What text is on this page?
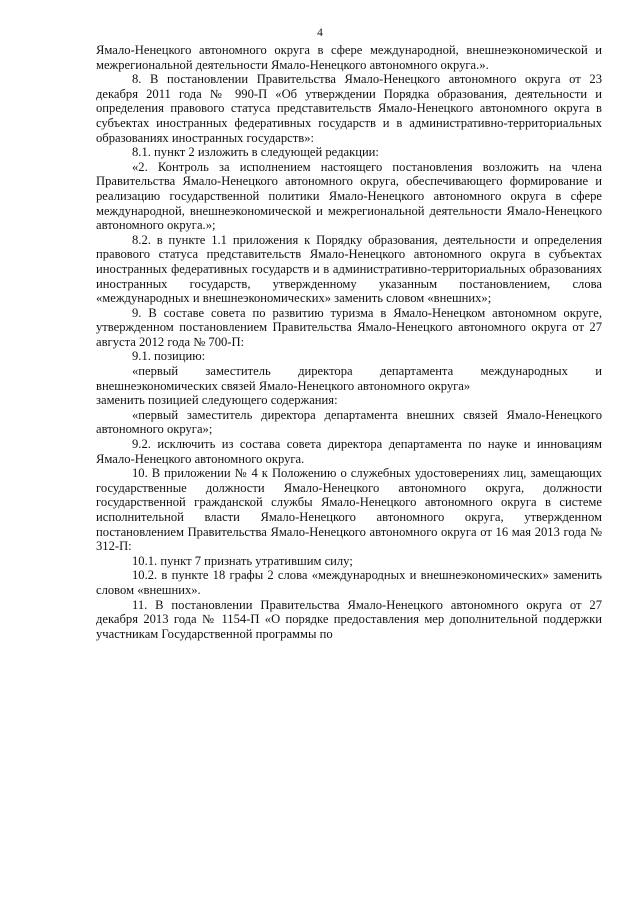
4

Ямало-Ненецкого автономного округа в сфере международной, внешнеэкономической и межрегиональной деятельности Ямало-Ненецкого автономного округа.».

8. В постановлении Правительства Ямало-Ненецкого автономного округа от 23 декабря 2011 года № 990-П «Об утверждении Порядка образования, деятельности и определения правового статуса представительств Ямало-Ненецкого автономного округа в субъектах иностранных федеративных государств и в административно-территориальных образованиях иностранных государств»:

8.1. пункт 2 изложить в следующей редакции:

«2. Контроль за исполнением настоящего постановления возложить на члена Правительства Ямало-Ненецкого автономного округа, обеспечивающего формирование и реализацию государственной политики Ямало-Ненецкого автономного округа в сфере международной, внешнеэкономической и межрегиональной деятельности Ямало-Ненецкого автономного округа.»;

8.2. в пункте 1.1 приложения к Порядку образования, деятельности и определения правового статуса представительств Ямало-Ненецкого автономного округа в субъектах иностранных федеративных государств и в административно-территориальных образованиях иностранных государств, утвержденному указанным постановлением, слова «международных и внешнеэкономических» заменить словом «внешних»;

9. В составе совета по развитию туризма в Ямало-Ненецком автономном округе, утвержденном постановлением Правительства Ямало-Ненецкого автономного округа от 27 августа 2012 года № 700-П:

9.1. позицию:

«первый заместитель директора департамента международных и внешнеэкономических связей Ямало-Ненецкого автономного округа»

заменить позицией следующего содержания:

«первый заместитель директора департамента внешних связей Ямало-Ненецкого автономного округа»;

9.2. исключить из состава совета директора департамента по науке и инновациям Ямало-Ненецкого автономного округа.

10. В приложении № 4 к Положению о служебных удостоверениях лиц, замещающих государственные должности Ямало-Ненецкого автономного округа, должности государственной гражданской службы Ямало-Ненецкого автономного округа в системе исполнительной власти Ямало-Ненецкого автономного округа, утвержденном постановлением Правительства Ямало-Ненецкого автономного округа от 16 мая 2013 года № 312-П:

10.1. пункт 7 признать утратившим силу;

10.2. в пункте 18 графы 2 слова «международных и внешнеэкономических» заменить словом «внешних».

11. В постановлении Правительства Ямало-Ненецкого автономного округа от 27 декабря 2013 года № 1154-П «О порядке предоставления мер дополнительной поддержки участникам Государственной программы по
